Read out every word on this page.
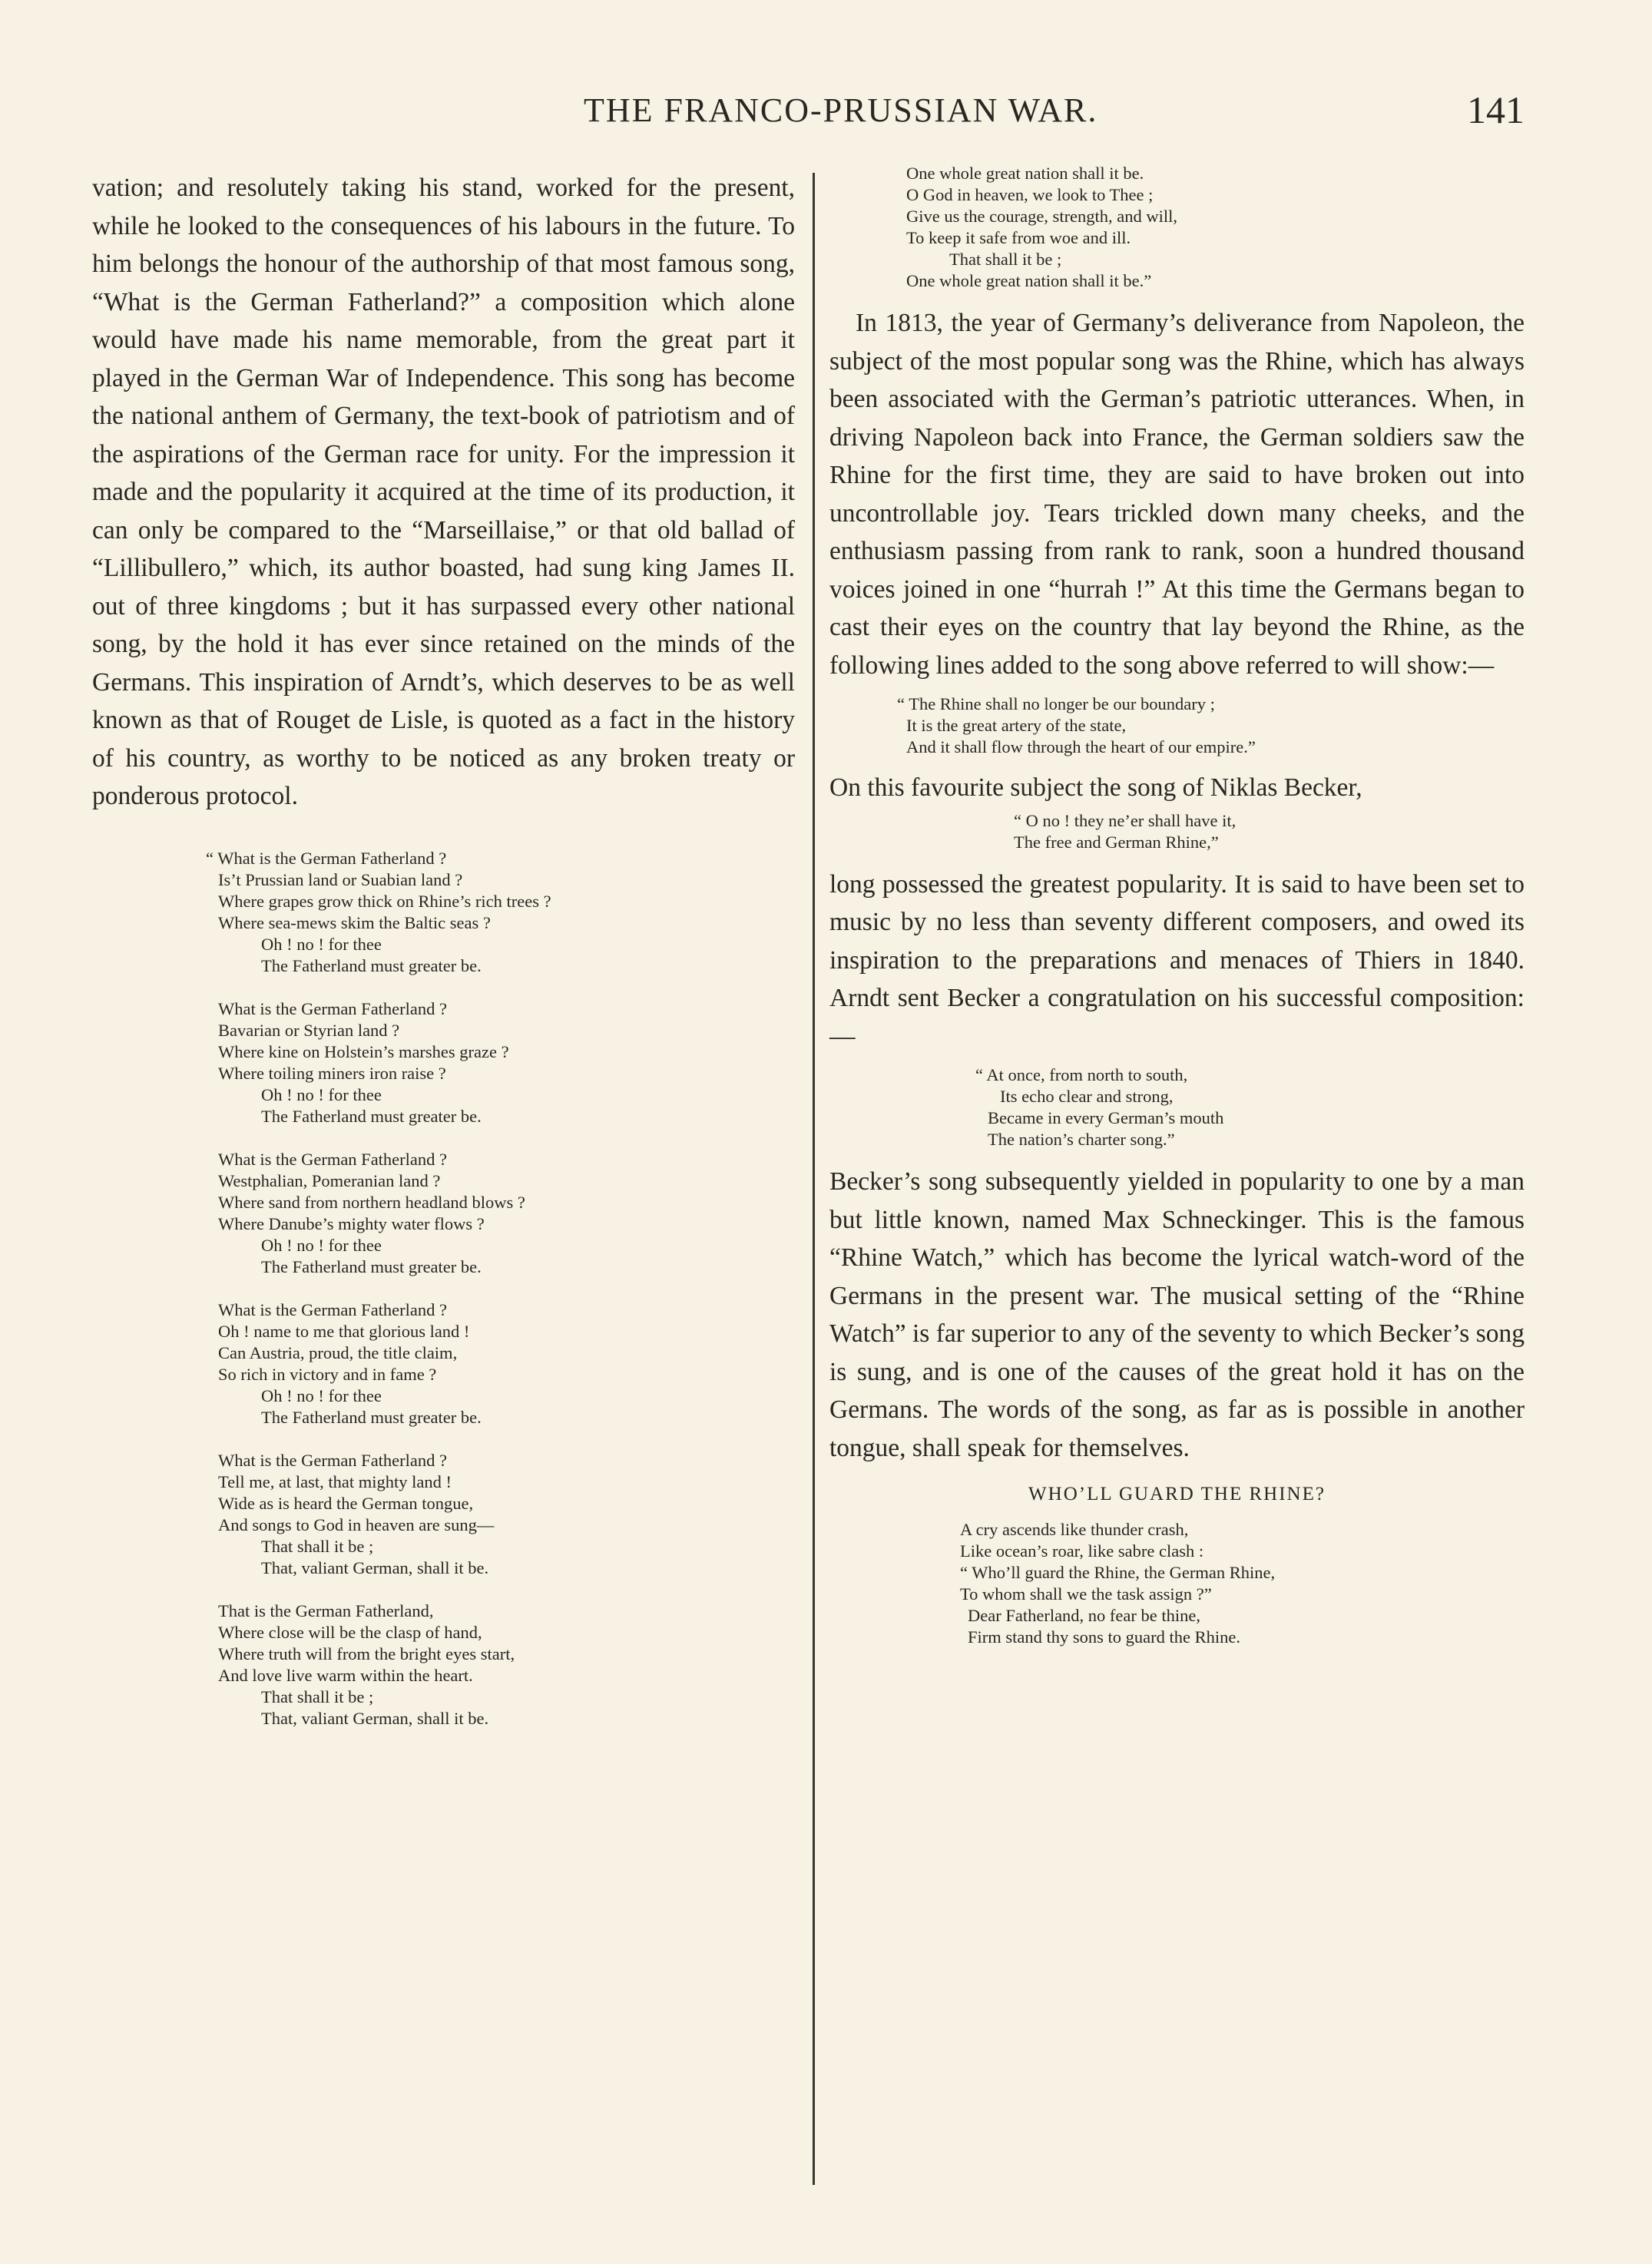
THE FRANCO-PRUSSIAN WAR.	141

vation; and resolutely taking his stand, worked for the present, while he looked to the consequences of his labours in the future. To him belongs the honour of the authorship of that most famous song, “What is the German Fatherland?” a composition which alone would have made his name memorable, from the great part it played in the German War of Independence. This song has become the national anthem of Germany, the text-book of patriotism and of the aspirations of the German race for unity. For the impression it made and the popularity it acquired at the time of its production, it can only be compared to the “Marseillaise,” or that old ballad of “Lillibullero,” which, its author boasted, had sung king James II. out of three kingdoms ; but it has surpassed every other national song, by the hold it has ever since retained on the minds of the Germans. This inspiration of Arndt’s, which deserves to be as well known as that of Rouget de Lisle, is quoted as a fact in the history of his country, as worthy to be noticed as any broken treaty or ponderous protocol.

“ What is the German Fatherland ?
Is’t Prussian land or Suabian land ?
Where grapes grow thick on Rhine’s rich trees ?
Where sea-mews skim the Baltic seas ?
Oh ! no ! for thee
The Fatherland must greater be.
What is the German Fatherland ?
Bavarian or Styrian land ?
Where kine on Holstein’s marshes graze ?
Where toiling miners iron raise ?
Oh ! no ! for thee
The Fatherland must greater be.
What is the German Fatherland ?
Westphalian, Pomeranian land ?
Where sand from northern headland blows ?
Where Danube’s mighty water flows ?
Oh ! no ! for thee
The Fatherland must greater be.
What is the German Fatherland ?
Oh ! name to me that glorious land !
Can Austria, proud, the title claim,
So rich in victory and in fame ?
Oh ! no ! for thee
The Fatherland must greater be.
What is the German Fatherland ?
Tell me, at last, that mighty land !
Wide as is heard the German tongue,
And songs to God in heaven are sung—
That shall it be ;
That, valiant German, shall it be.
That is the German Fatherland,
Where close will be the clasp of hand,
Where truth will from the bright eyes start,
And love live warm within the heart.
That shall it be ;
That, valiant German, shall it be.
One whole great nation shall it be.
O God in heaven, we look to Thee ;
Give us the courage, strength, and will,
To keep it safe from woe and ill.
That shall it be ;
One whole great nation shall it be.”

In 1813, the year of Germany’s deliverance from Napoleon, the subject of the most popular song was the Rhine, which has always been associated with the German’s patriotic utterances. When, in driving Napoleon back into France, the German soldiers saw the Rhine for the first time, they are said to have broken out into uncontrollable joy. Tears trickled down many cheeks, and the enthusiasm passing from rank to rank, soon a hundred thousand voices joined in one “hurrah !” At this time the Germans began to cast their eyes on the country that lay beyond the Rhine, as the following lines added to the song above referred to will show:—

“ The Rhine shall no longer be our boundary ;
It is the great artery of the state,
And it shall flow through the heart of our empire.”

On this favourite subject the song of Niklas Becker,

“ O no ! they ne’er shall have it,
The free and German Rhine,”

long possessed the greatest popularity. It is said to have been set to music by no less than seventy different composers, and owed its inspiration to the preparations and menaces of Thiers in 1840. Arndt sent Becker a congratulation on his successful composition:—

“ At once, from north to south,
Its echo clear and strong,
Became in every German’s mouth
The nation’s charter song.”

Becker’s song subsequently yielded in popularity to one by a man but little known, named Max Schneckinger. This is the famous “Rhine Watch,” which has become the lyrical watch-word of the Germans in the present war. The musical setting of the “Rhine Watch” is far superior to any of the seventy to which Becker’s song is sung, and is one of the causes of the great hold it has on the Germans. The words of the song, as far as is possible in another tongue, shall speak for themselves.

WHO’LL GUARD THE RHINE?

A cry ascends like thunder crash,
Like ocean’s roar, like sabre clash :
“ Who’ll guard the Rhine, the German Rhine,
To whom shall we the task assign ?”
Dear Fatherland, no fear be thine,
Firm stand thy sons to guard the Rhine.
